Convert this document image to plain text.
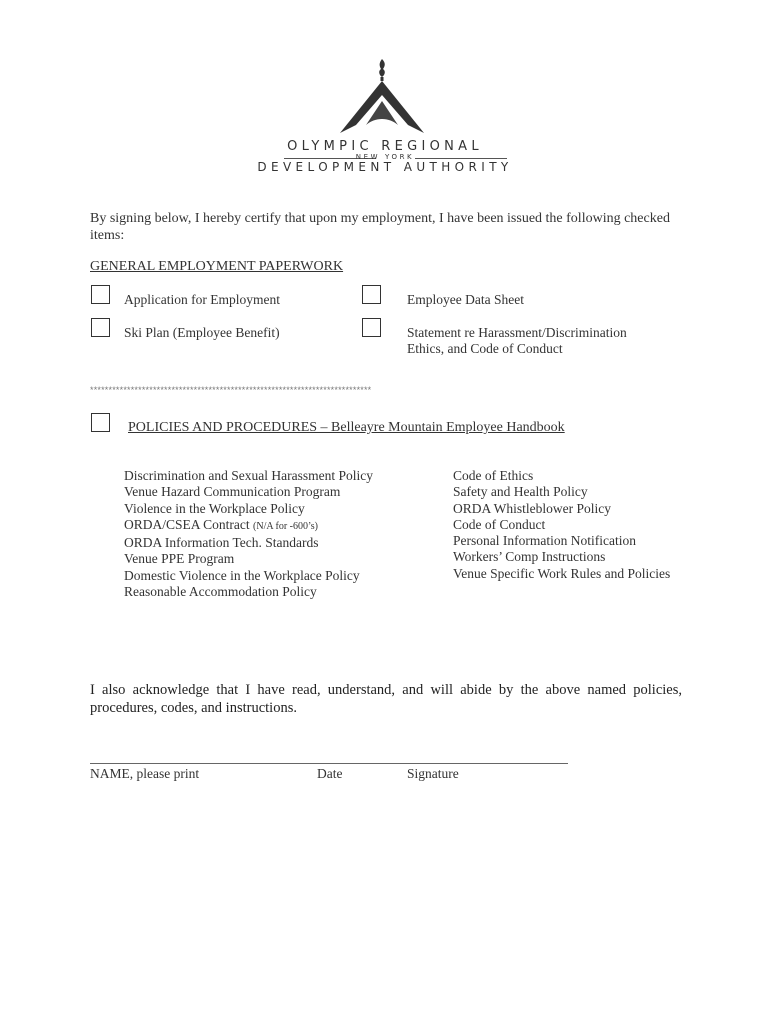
OLYMPIC REGIONAL
NEW YORK
DEVELOPMENT AUTHORITY
By signing below, I hereby certify that upon my employment, I have been issued the following checked items:
GENERAL EMPLOYMENT PAPERWORK
Application for Employment	Employee Data Sheet
Ski Plan (Employee Benefit)	Statement re Harassment/Discrimination
Ethics, and Code of Conduct
****************************************************************************
POLICIES AND PROCEDURES – Belleayre Mountain Employee Handbook
Discrimination and Sexual Harassment Policy
Venue Hazard Communication Program
Violence in the Workplace Policy
ORDA/CSEA Contract (N/A for -600’s)
ORDA Information Tech. Standards
Venue PPE Program
Domestic Violence in the Workplace Policy
Reasonable Accommodation Policy
Code of Ethics
Safety and Health Policy
ORDA Whistleblower Policy
Code of Conduct
Personal Information Notification
Workers’ Comp Instructions
Venue Specific Work Rules and Policies
I also acknowledge that I have read, understand, and will abide by the above named policies, procedures, codes, and instructions.
NAME, please print	Date	Signature
